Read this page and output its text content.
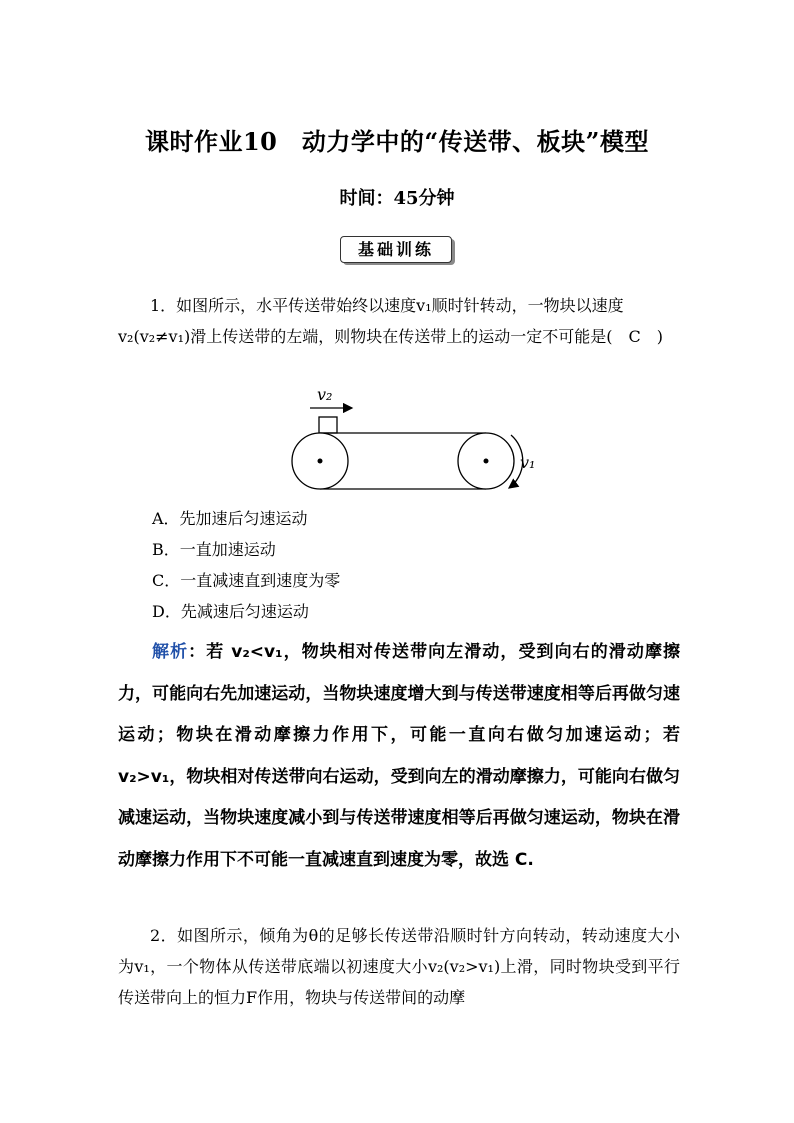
课时作业10　动力学中的“传送带、板块”模型
时间：45分钟
基础训练
1．如图所示，水平传送带始终以速度v₁顺时针转动，一物块以速度v₂(v₂≠v₁)滑上传送带的左端，则物块在传送带上的运动一定不可能是(　C　)
v₂
v₁
A．先加速后匀速运动
B．一直加速运动
C．一直减速直到速度为零
D．先减速后匀速运动
解析：若 v₂<v₁，物块相对传送带向左滑动，受到向右的滑动摩擦力，可能向右先加速运动，当物块速度增大到与传送带速度相等后再做匀速运动；物块在滑动摩擦力作用下，可能一直向右做匀加速运动；若 v₂>v₁，物块相对传送带向右运动，受到向左的滑动摩擦力，可能向右做匀减速运动，当物块速度减小到与传送带速度相等后再做匀速运动，物块在滑动摩擦力作用下不可能一直减速直到速度为零，故选 C.
2．如图所示，倾角为θ的足够长传送带沿顺时针方向转动，转动速度大小为v₁，一个物体从传送带底端以初速度大小v₂(v₂>v₁)上滑，同时物块受到平行传送带向上的恒力F作用，物块与传送带间的动摩
